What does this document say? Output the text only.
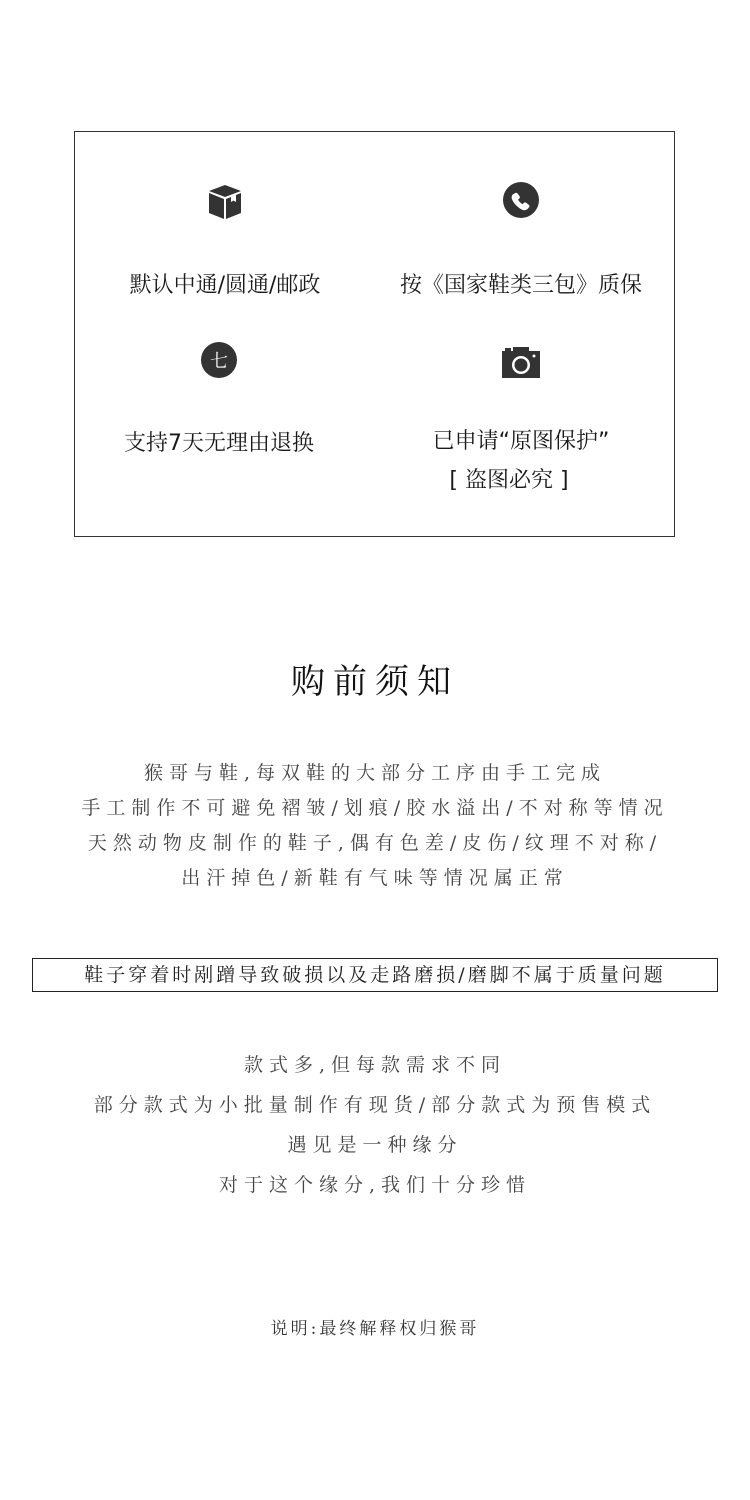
默认中通/圆通/邮政	按《国家鞋类三包》质保
七
支持7天无理由退换	已申请“原图保护”
[ 盗图必究 ]
购前须知
猴哥与鞋,每双鞋的大部分工序由手工完成
手工制作不可避免褶皱/划痕/胶水溢出/不对称等情况
天然动物皮制作的鞋子,偶有色差/皮伤/纹理不对称/
出汗掉色/新鞋有气味等情况属正常
鞋子穿着时剐蹭导致破损以及走路磨损/磨脚不属于质量问题
款式多,但每款需求不同
部分款式为小批量制作有现货/部分款式为预售模式
遇见是一种缘分
对于这个缘分,我们十分珍惜
说明:最终解释权归猴哥
